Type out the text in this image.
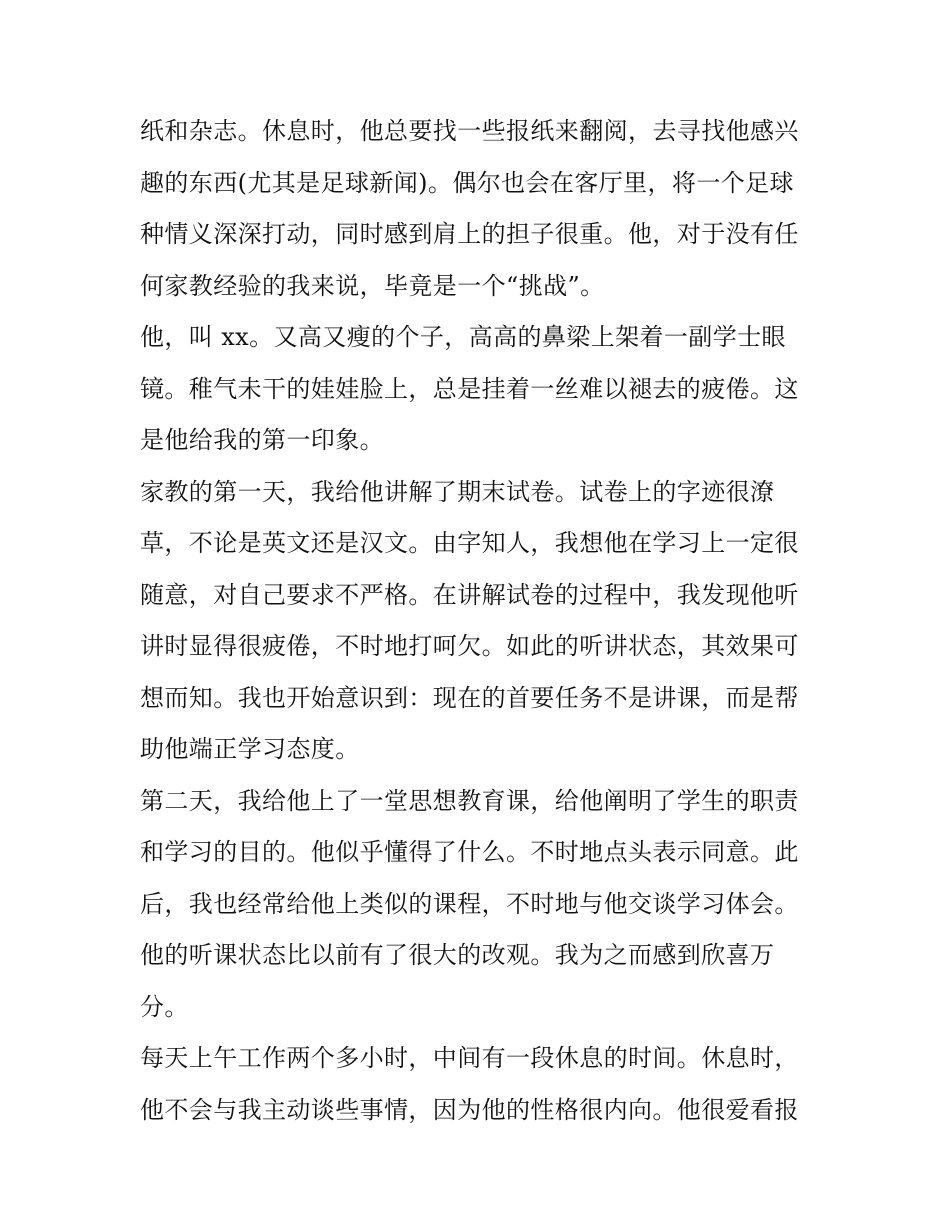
纸和杂志。休息时，他总要找一些报纸来翻阅，去寻找他感兴
趣的东西(尤其是足球新闻)。偶尔也会在客厅里，将一个足球
种情义深深打动，同时感到肩上的担子很重。他，对于没有任
何家教经验的我来说，毕竟是一个“挑战”。
他，叫 xx。又高又瘦的个子，高高的鼻梁上架着一副学士眼
镜。稚气未干的娃娃脸上，总是挂着一丝难以褪去的疲倦。这
是他给我的第一印象。
家教的第一天，我给他讲解了期末试卷。试卷上的字迹很潦
草，不论是英文还是汉文。由字知人，我想他在学习上一定很
随意，对自己要求不严格。在讲解试卷的过程中，我发现他听
讲时显得很疲倦，不时地打呵欠。如此的听讲状态，其效果可
想而知。我也开始意识到：现在的首要任务不是讲课，而是帮
助他端正学习态度。
第二天，我给他上了一堂思想教育课，给他阐明了学生的职责
和学习的目的。他似乎懂得了什么。不时地点头表示同意。此
后，我也经常给他上类似的课程，不时地与他交谈学习体会。
他的听课状态比以前有了很大的改观。我为之而感到欣喜万
分。
每天上午工作两个多小时，中间有一段休息的时间。休息时，
他不会与我主动谈些事情，因为他的性格很内向。他很爱看报
